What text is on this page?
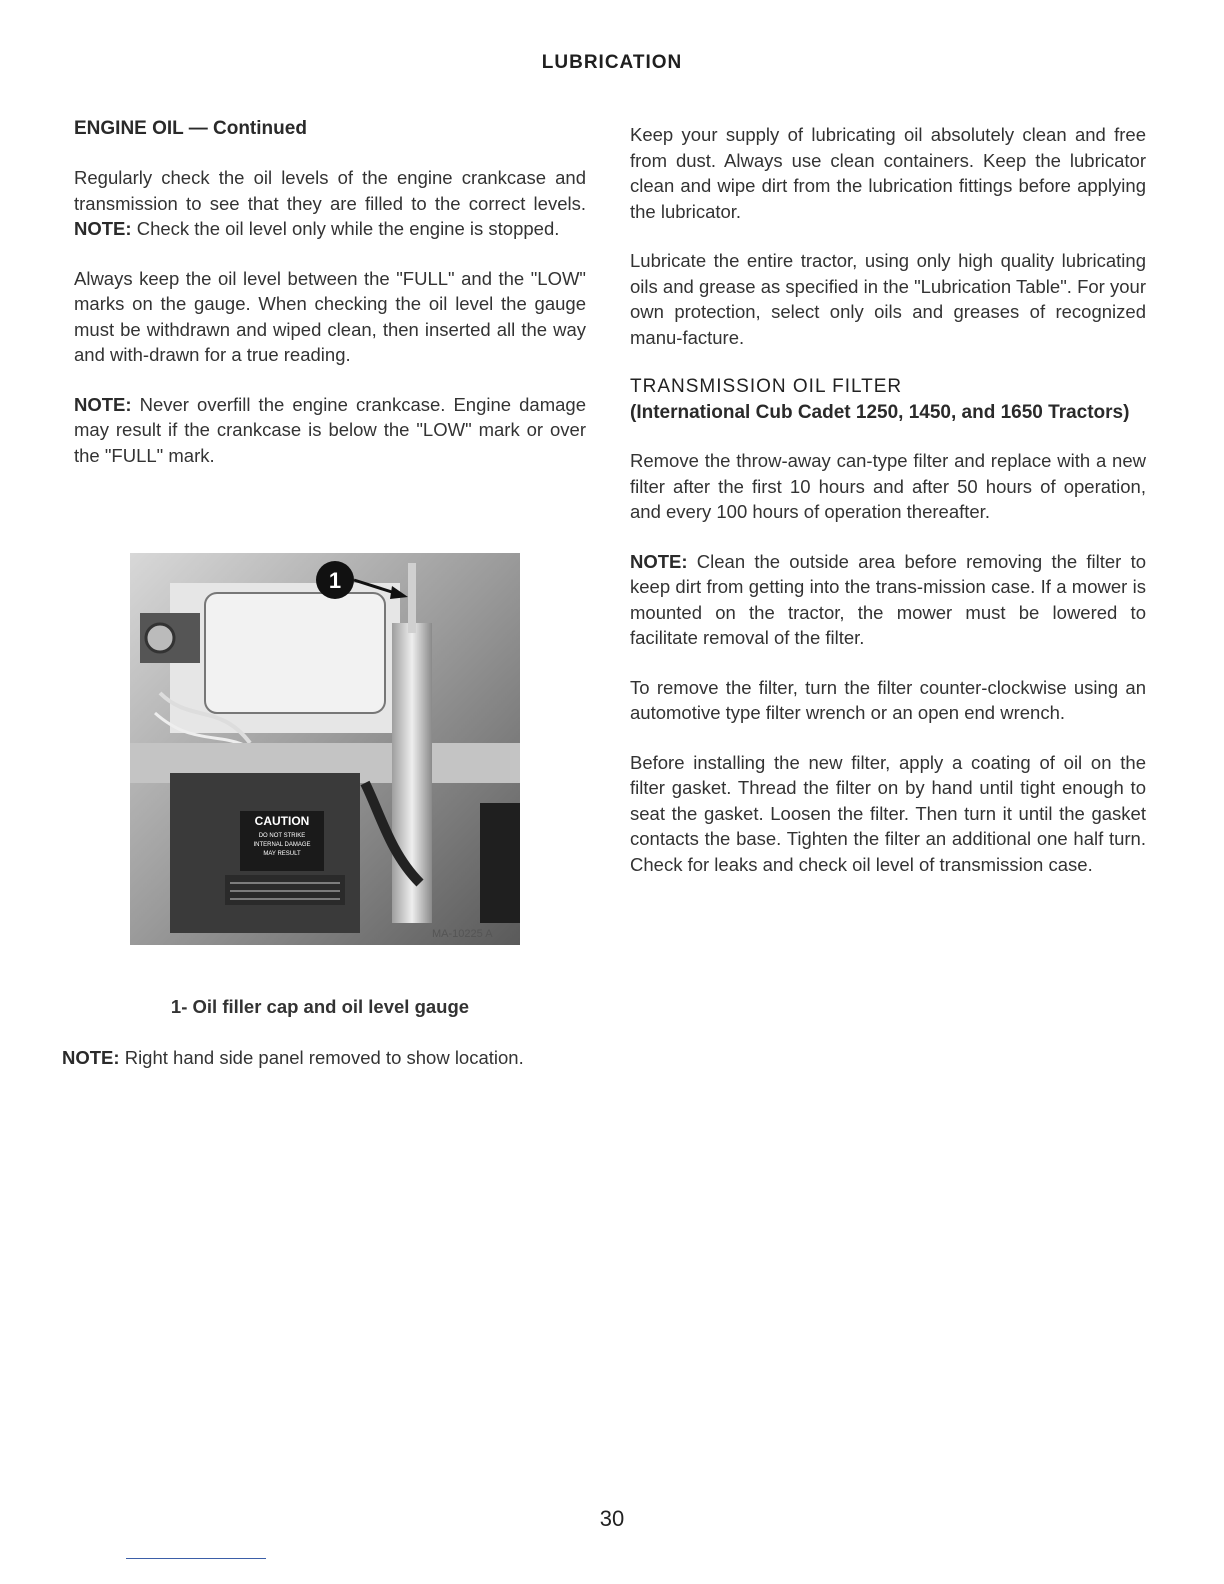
LUBRICATION
ENGINE OIL — Continued

Regularly check the oil levels of the engine crankcase and transmission to see that they are filled to the correct levels. NOTE: Check the oil level only while the engine is stopped.

Always keep the oil level between the "FULL" and the "LOW" marks on the gauge. When checking the oil level the gauge must be withdrawn and wiped clean, then inserted all the way and with-drawn for a true reading.

NOTE: Never overfill the engine crankcase. Engine damage may result if the crankcase is below the "LOW" mark or over the "FULL" mark.

CAUTION
DO NOT STRIKE
INTERNAL DAMAGE
MAY RESULT
1
MA-10225 A
1- Oil filler cap and oil level gauge
NOTE: Right hand side panel removed to show location.

Keep your supply of lubricating oil absolutely clean and free from dust. Always use clean containers. Keep the lubricator clean and wipe dirt from the lubrication fittings before applying the lubricator.

Lubricate the entire tractor, using only high quality lubricating oils and grease as specified in the "Lubrication Table". For your own protection, select only oils and greases of recognized manu-facture.

TRANSMISSION OIL FILTER
(International Cub Cadet 1250, 1450, and 1650 Tractors)

Remove the throw-away can-type filter and replace with a new filter after the first 10 hours and after 50 hours of operation, and every 100 hours of operation thereafter.

NOTE: Clean the outside area before removing the filter to keep dirt from getting into the trans-mission case. If a mower is mounted on the tractor, the mower must be lowered to facilitate removal of the filter.

To remove the filter, turn the filter counter-clockwise using an automotive type filter wrench or an open end wrench.

Before installing the new filter, apply a coating of oil on the filter gasket. Thread the filter on by hand until tight enough to seat the gasket. Loosen the filter. Then turn it until the gasket contacts the base. Tighten the filter an additional one half turn. Check for leaks and check oil level of transmission case.

30
